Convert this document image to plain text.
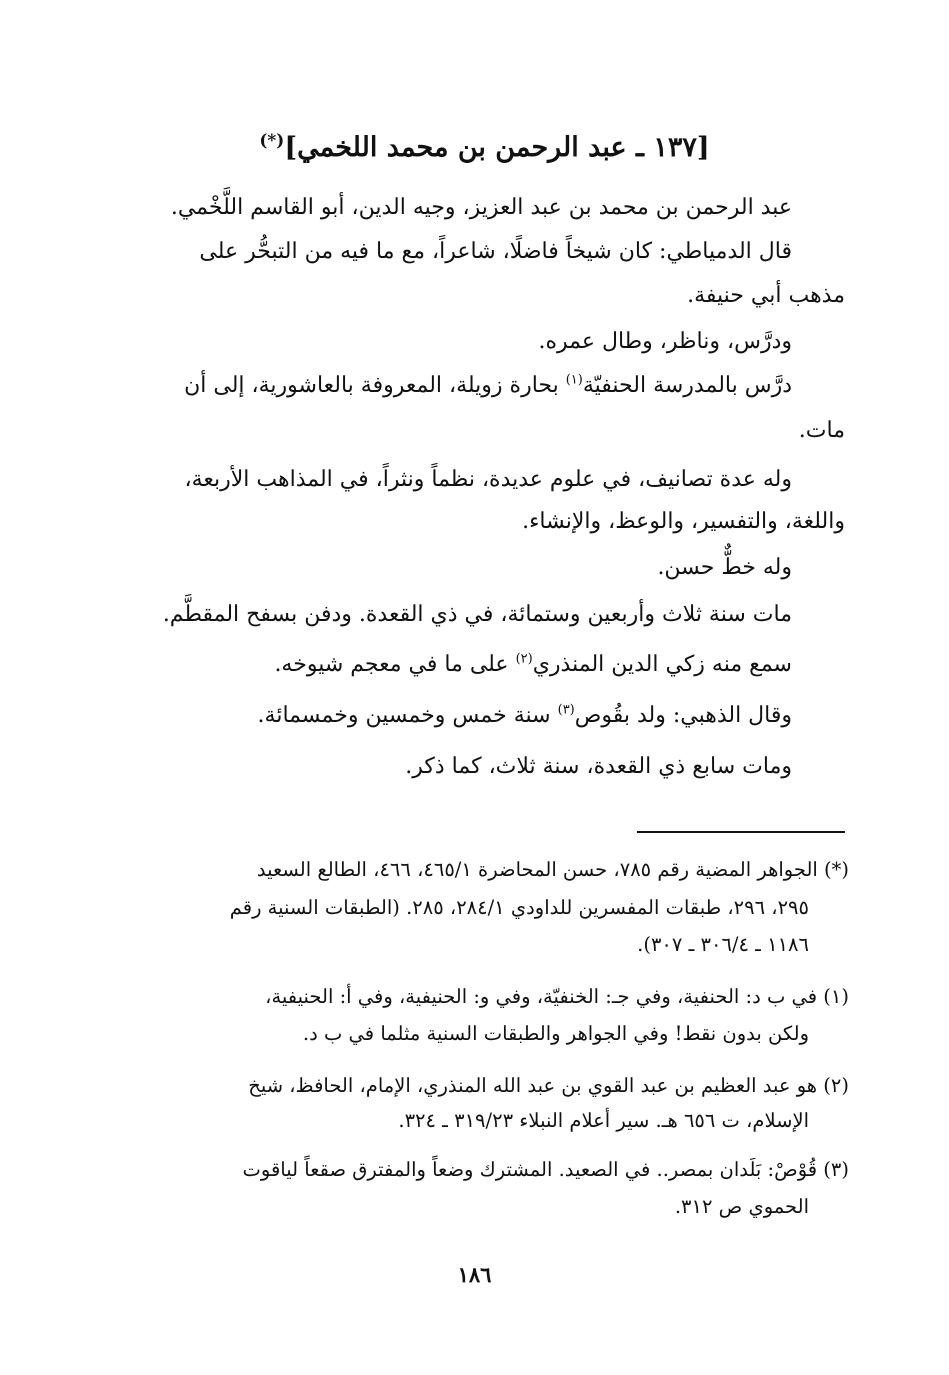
[١٣٧ ـ عبد الرحمن بن محمد اللخمي](*)
عبد الرحمن بن محمد بن عبد العزيز، وجيه الدين، أبو القاسم اللَّخْمي.
قال الدمياطي: كان شيخاً فاضلًا، شاعراً، مع ما فيه من التبحُّر على
مذهب أبي حنيفة.
ودرَّس، وناظر، وطال عمره.
درَّس بالمدرسة الحنفيّة$^{(١)}$ بحارة زويلة، المعروفة بالعاشورية، إلى أن
مات.
وله عدة تصانيف، في علوم عديدة، نظماً ونثراً، في المذاهب الأربعة،
واللغة، والتفسير، والوعظ، والإنشاء.
وله خطٌّ حسن.
مات سنة ثلاث وأربعين وستمائة، في ذي القعدة. ودفن بسفح المقطَّم.
سمع منه زكي الدين المنذري$^{(٢)}$ على ما في معجم شيوخه.
وقال الذهبي: ولد بقُوص$^{(٣)}$ سنة خمس وخمسين وخمسمائة.
ومات سابع ذي القعدة، سنة ثلاث، كما ذكر.
(*) الجواهر المضية رقم ٧٨٥، حسن المحاضرة ٤٦٥/١، ٤٦٦، الطالع السعيد
٢٩٥، ٢٩٦، طبقات المفسرين للداودي ٢٨٤/١، ٢٨٥. (الطبقات السنية رقم
١١٨٦ ـ ٣٠٦/٤ ـ ٣٠٧).
(١) في ب د: الحنفية، وفي جـ: الخنفيّة، وفي و: الحنيفية، وفي أ: الحنيفية،
ولكن بدون نقط! وفي الجواهر والطبقات السنية مثلما في ب د.
(٢) هو عبد العظيم بن عبد القوي بن عبد الله المنذري، الإمام، الحافظ، شيخ
الإسلام، ت ٦٥٦ هـ. سير أعلام النبلاء ٣١٩/٢٣ ـ ٣٢٤.
(٣) قُوْصْ: بَلَدان بمصر.. في الصعيد. المشترك وضعاً والمفترق صقعاً لياقوت
الحموي ص ٣١٢.
١٨٦
